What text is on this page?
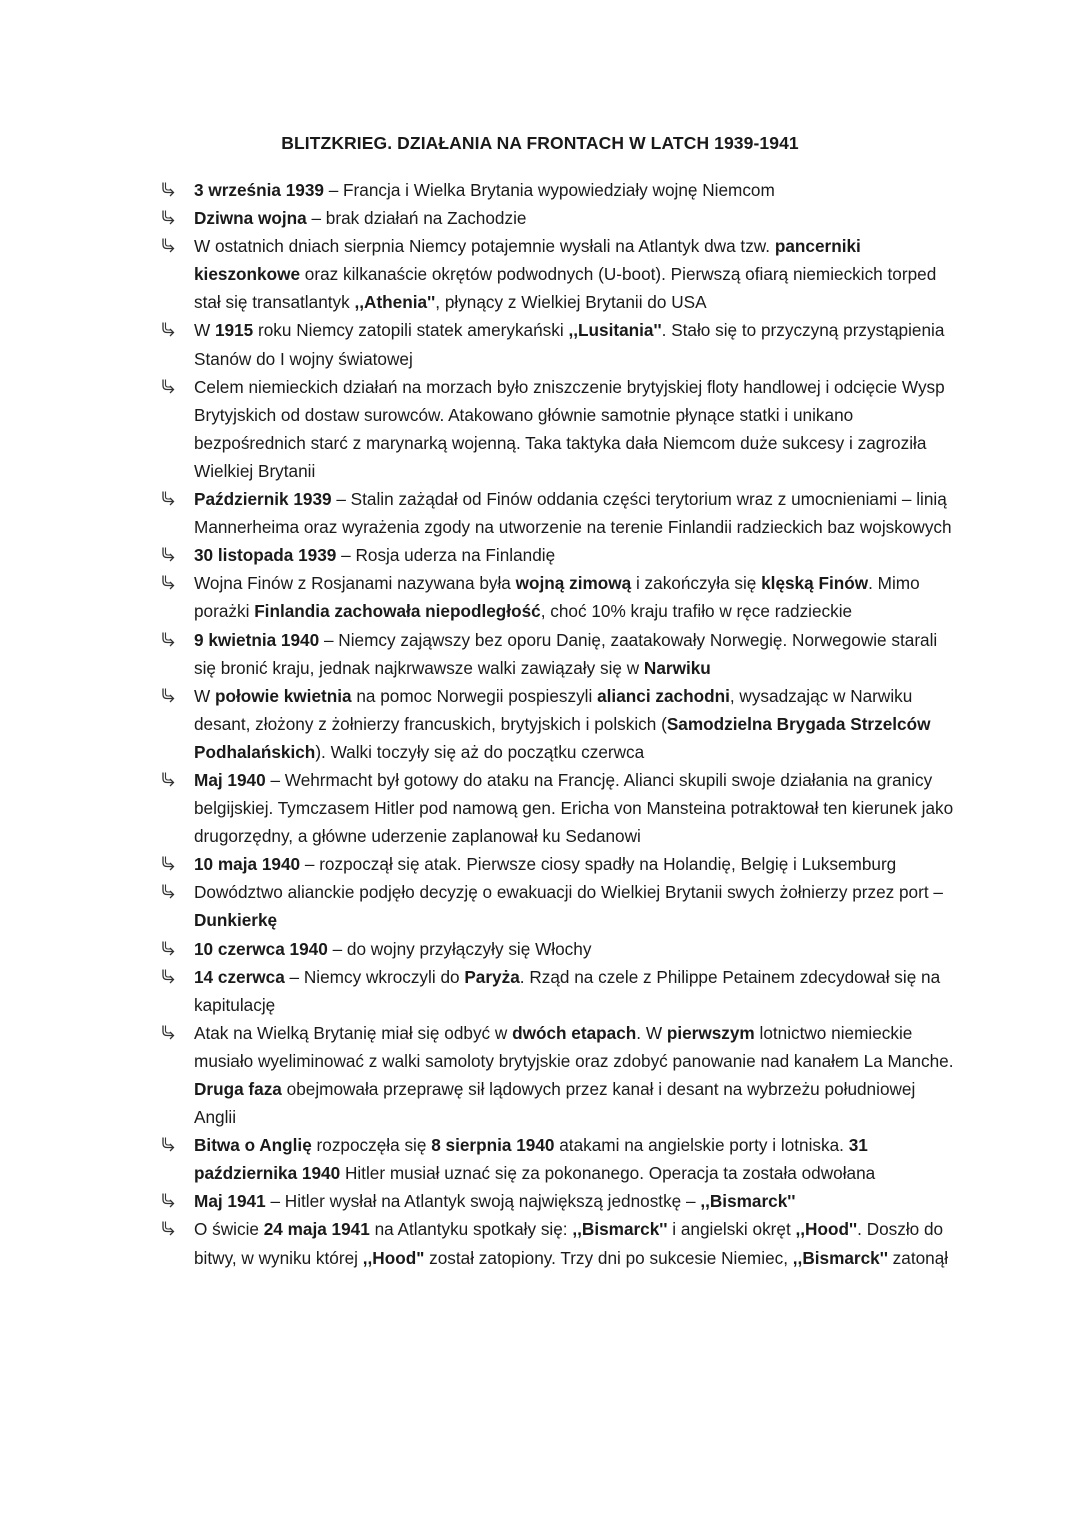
BLITZKRIEG. DZIAŁANIA NA FRONTACH W LATCH 1939-1941
3 września 1939 – Francja i Wielka Brytania wypowiedziały wojnę Niemcom
Dziwna wojna – brak działań na Zachodzie
W ostatnich dniach sierpnia Niemcy potajemnie wysłali na Atlantyk dwa tzw. pancerniki kieszonkowe oraz kilkanaście okrętów podwodnych (U-boot). Pierwszą ofiarą niemieckich torped stał się transatlantyk ,,Athenia'', płynący z Wielkiej Brytanii do USA
W 1915 roku Niemcy zatopili statek amerykański ,,Lusitania''. Stało się to przyczyną przystąpienia Stanów do I wojny światowej
Celem niemieckich działań na morzach było zniszczenie brytyjskiej floty handlowej i odcięcie Wysp Brytyjskich od dostaw surowców. Atakowano głównie samotnie płynące statki i unikano bezpośrednich starć z marynarką wojenną. Taka taktyka dała Niemcom duże sukcesy i zagroziła Wielkiej Brytanii
Październik 1939 – Stalin zażądał od Finów oddania części terytorium wraz z umocnieniami – linią Mannerheima oraz wyrażenia zgody na utworzenie na terenie Finlandii radzieckich baz wojskowych
30 listopada 1939 – Rosja uderza na Finlandię
Wojna Finów z Rosjanami nazywana była wojną zimową i zakończyła się klęską Finów. Mimo porażki Finlandia zachowała niepodległość, choć 10% kraju trafiło w ręce radzieckie
9 kwietnia 1940 – Niemcy zająwszy bez oporu Danię, zaatakowały Norwegię. Norwegowie starali się bronić kraju, jednak najkrwawsze walki zawiązały się w Narwiku
W połowie kwietnia na pomoc Norwegii pospieszyli alianci zachodni, wysadzając w Narwiku desant, złożony z żołnierzy francuskich, brytyjskich i polskich (Samodzielna Brygada Strzelców Podhalańskich). Walki toczyły się aż do początku czerwca
Maj 1940 – Wehrmacht był gotowy do ataku na Francję. Alianci skupili swoje działania na granicy belgijskiej. Tymczasem Hitler pod namową gen. Ericha von Mansteina potraktował ten kierunek jako drugorzędny, a główne uderzenie zaplanował ku Sedanowi
10 maja 1940 – rozpoczął się atak. Pierwsze ciosy spadły na Holandię, Belgię i Luksemburg
Dowództwo alianckie podjęło decyzję o ewakuacji do Wielkiej Brytanii swych żołnierzy przez port – Dunkierkę
10 czerwca 1940 – do wojny przyłączyły się Włochy
14 czerwca – Niemcy wkroczyli do Paryża. Rząd na czele z Philippe Petainem zdecydował się na kapitulację
Atak na Wielką Brytanię miał się odbyć w dwóch etapach. W pierwszym lotnictwo niemieckie musiało wyeliminować z walki samoloty brytyjskie oraz zdobyć panowanie nad kanałem La Manche. Druga faza obejmowała przeprawę sił lądowych przez kanał i desant na wybrzeżu południowej Anglii
Bitwa o Anglię rozpoczęła się 8 sierpnia 1940 atakami na angielskie porty i lotniska. 31 października 1940 Hitler musiał uznać się za pokonanego. Operacja ta została odwołana
Maj 1941 – Hitler wysłał na Atlantyk swoją największą jednostkę – ,,Bismarck''
O świcie 24 maja 1941 na Atlantyku spotkały się: ,,Bismarck'' i angielski okręt ,,Hood''. Doszło do bitwy, w wyniku której ,,Hood" został zatopiony. Trzy dni po sukcesie Niemiec, ,,Bismarck'' zatonął
